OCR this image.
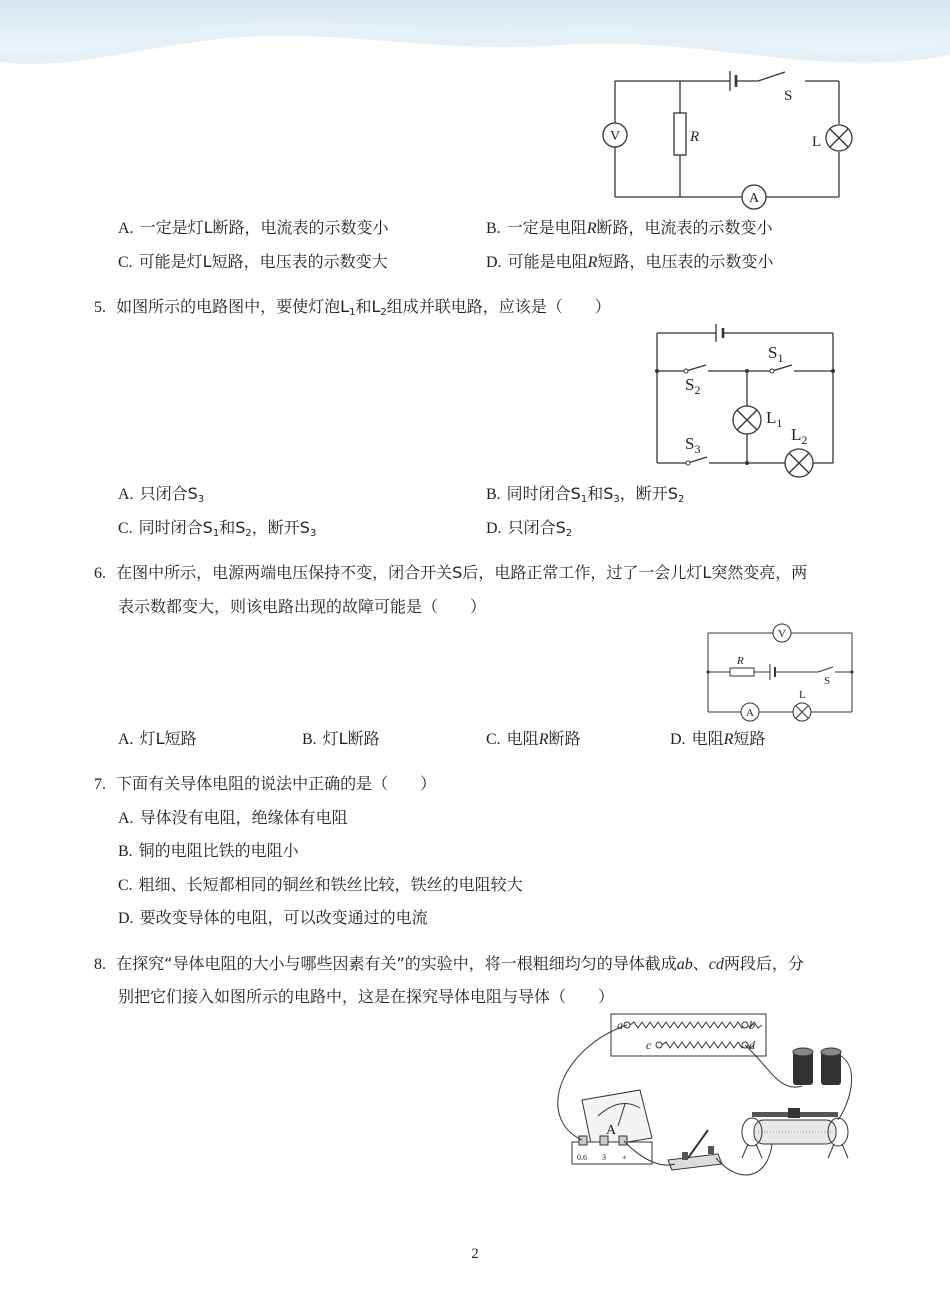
V
A
R
S
L
A. 一定是灯L断路，电流表的示数变小	B. 一定是电阻R断路，电流表的示数变小
C. 可能是灯L短路，电压表的示数变大	D. 可能是电阻R短路，电压表的示数变小
5. 如图所示的电路图中，要使灯泡$L_1$和$L_2$组成并联电路，应该是（　　）
$S_1$
$S_2$
$S_3$
$L_1$
$L_2$
A. 只闭合$S_3$	B. 同时闭合$S_1$和$S_3$，断开$S_2$
C. 同时闭合$S_1$和$S_2$，断开$S_3$	D. 只闭合$S_2$
6. 在图中所示，电源两端电压保持不变，闭合开关S后，电路正常工作，过了一会儿灯L突然变亮，两
表示数都变大，则该电路出现的故障可能是（　　）
V
A
R
S
L
A. 灯L短路	B. 灯L断路	C. 电阻R断路	D. 电阻R短路
7. 下面有关导体电阻的说法中正确的是（　　）
A. 导体没有电阻，绝缘体有电阻
B. 铜的电阻比铁的电阻小
C. 粗细、长短都相同的铜丝和铁丝比较，铁丝的电阻较大
D. 要改变导体的电阻，可以改变通过的电流
8. 在探究“导体电阻的大小与哪些因素有关”的实验中，将一根粗细均匀的导体截成ab、cd两段后，分
别把它们接入如图所示的电路中，这是在探究导体电阻与导体（　　）
a	b
c	d
A
0.6 3 +
2
